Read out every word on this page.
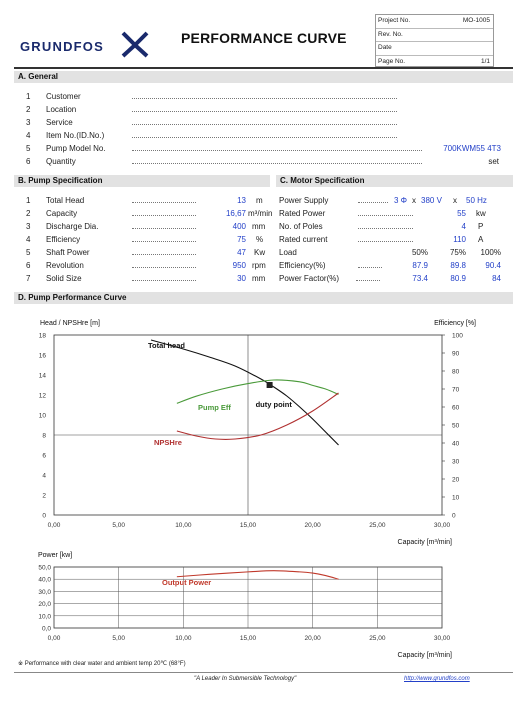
GRUNDFOS
PERFORMANCE CURVE
Project No.	MO-1005
Rev. No.
Date
Page No.	1/1
A. General
1 Customer
2 Location
3 Service
4 Item No.(ID.No.)
5 Pump Model No.	700KWM55 4T3
6 Quantity	set
B. Pump Specification	C. Motor Specification
1 Total Head	13 m
2 Capacity	16,67 m³/min
3 Discharge Dia.	400 mm
4 Efficiency	75 %
5 Shaft Power	47 Kw
6 Revolution	950 rpm
7 Solid Size	30 mm
Power Supply	3 Φ x 380 V x 50 Hz
Rated Power	55 kw
No. of Poles	4 P
Rated current	110 A
Load	50%	75%	100%
Efficiency(%)	87.9	89.8	90.4
Power Factor(%)	73.4	80.9	84
D. Pump Performance Curve
0
2
4
6
8
10
12
14
16
18
0
10
20
30
40
50
60
70
80
90
100
0,00	5,00	10,00	15,00	20,00	25,00	30,00
Head / NPSHre [m]	Efficiency [%]
Capacity [m³/min]
Total head
Pump Eff
NPSHre
duty point
0,0
10,0
20,0
30,0
40,0
50,0
0,00	5,00	10,00	15,00	20,00	25,00	30,00
Power [kw]
Capacity [m³/min]
Output Power
※ Performance with clear water and ambient temp 20℃ (68°F)
"A Leader In Submersible Technology"	http://www.grundfos.com
